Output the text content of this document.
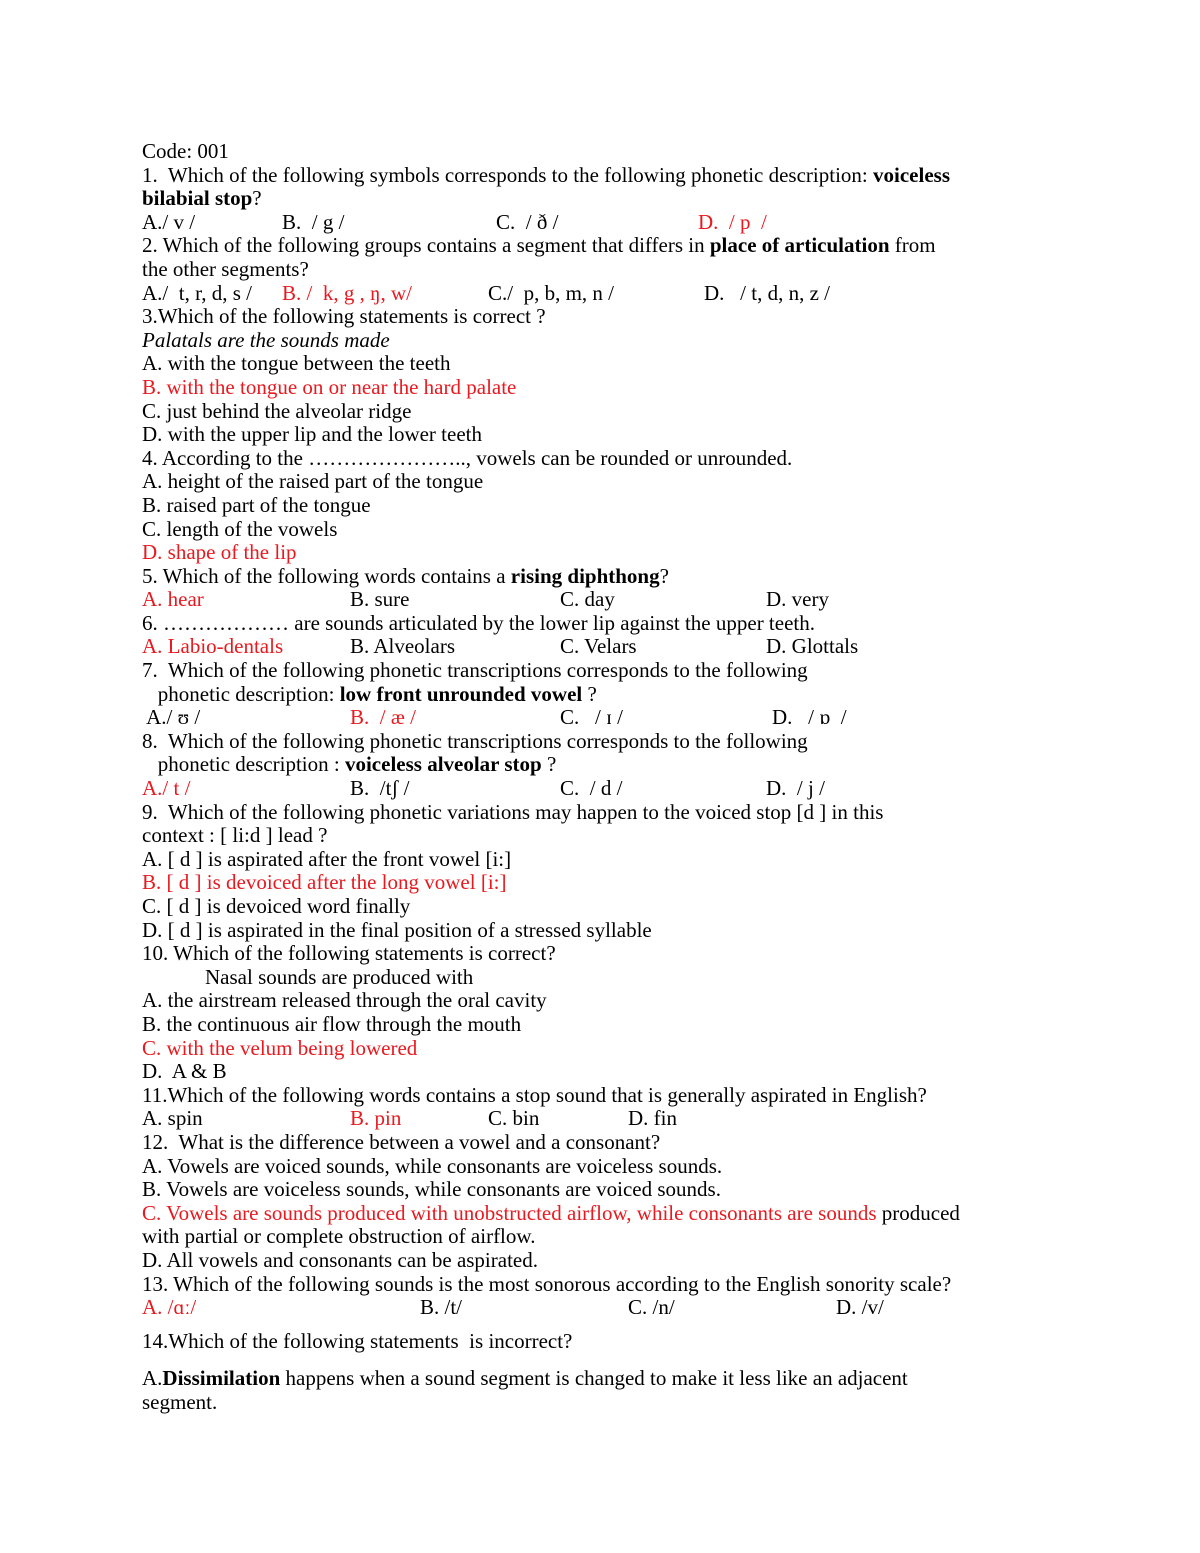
Code: 001
1.  Which of the following symbols corresponds to the following phonetic description: voiceless
bilabial stop?

A./ v /

	B.  / g /

	C.  / ð /

	D.  / p  /

2. Which of the following groups contains a segment that differs in place of articulation from
the other segments?

A./  t, r, d, s /

B. /  k, g , ŋ, w/

	C./  p, b, m, n /

	D.   / t, d, n, z /

3.Which of the following statements is correct ?
Palatals are the sounds made
A. with the tongue between the teeth
B. with the tongue on or near the hard palate
C. just behind the alveolar ridge
D. with the upper lip and the lower teeth
4. According to the ………………….., vowels can be rounded or unrounded.
A. height of the raised part of the tongue
B. raised part of the tongue
C. length of the vowels
D. shape of the lip
5. Which of the following words contains a rising diphthong?

A. hear

	B. sure

	C. day

	D. very

6. ……………… are sounds articulated by the lower lip against the upper teeth.

A. Labio-dentals

	B. Alveolars

	C. Velars

	D. Glottals

7.  Which of the following phonetic transcriptions corresponds to the following
phonetic description: low front unrounded vowel ?

A./ ʊ /

	B.  / æ /

	C.   / ɪ /

	D.   / ɒ  /

8.  Which of the following phonetic transcriptions corresponds to the following
phonetic description : voiceless alveolar stop ?

A./ t /

	B.  /tʃ /

	C.  / d /

	D.  / j /

9.  Which of the following phonetic variations may happen to the voiced stop [d ] in this
context : [ li:d ] lead ?
A. [ d ] is aspirated after the front vowel [i:]
B. [ d ] is devoiced after the long vowel [i:]
C. [ d ] is devoiced word finally
D. [ d ] is aspirated in the final position of a stressed syllable
10. Which of the following statements is correct?
Nasal sounds are produced with
A. the airstream released through the oral cavity
B. the continuous air flow through the mouth
C. with the velum being lowered
D.  A & B
11.Which of the following words contains a stop sound that is generally aspirated in English?

A. spin

	B. pin

	C. bin

	D. fin

12.  What is the difference between a vowel and a consonant?
A. Vowels are voiced sounds, while consonants are voiceless sounds.
B. Vowels are voiceless sounds, while consonants are voiced sounds.
C. Vowels are sounds produced with unobstructed airflow, while consonants are sounds produced
with partial or complete obstruction of airflow.
D. All vowels and consonants can be aspirated.
13. Which of the following sounds is the most sonorous according to the English sonority scale?

A. /ɑː/

	B. /t/

	C. /n/

	D. /v/

14.Which of the following statements  is incorrect?
A.Dissimilation happens when a sound segment is changed to make it less like an adjacent
segment.
